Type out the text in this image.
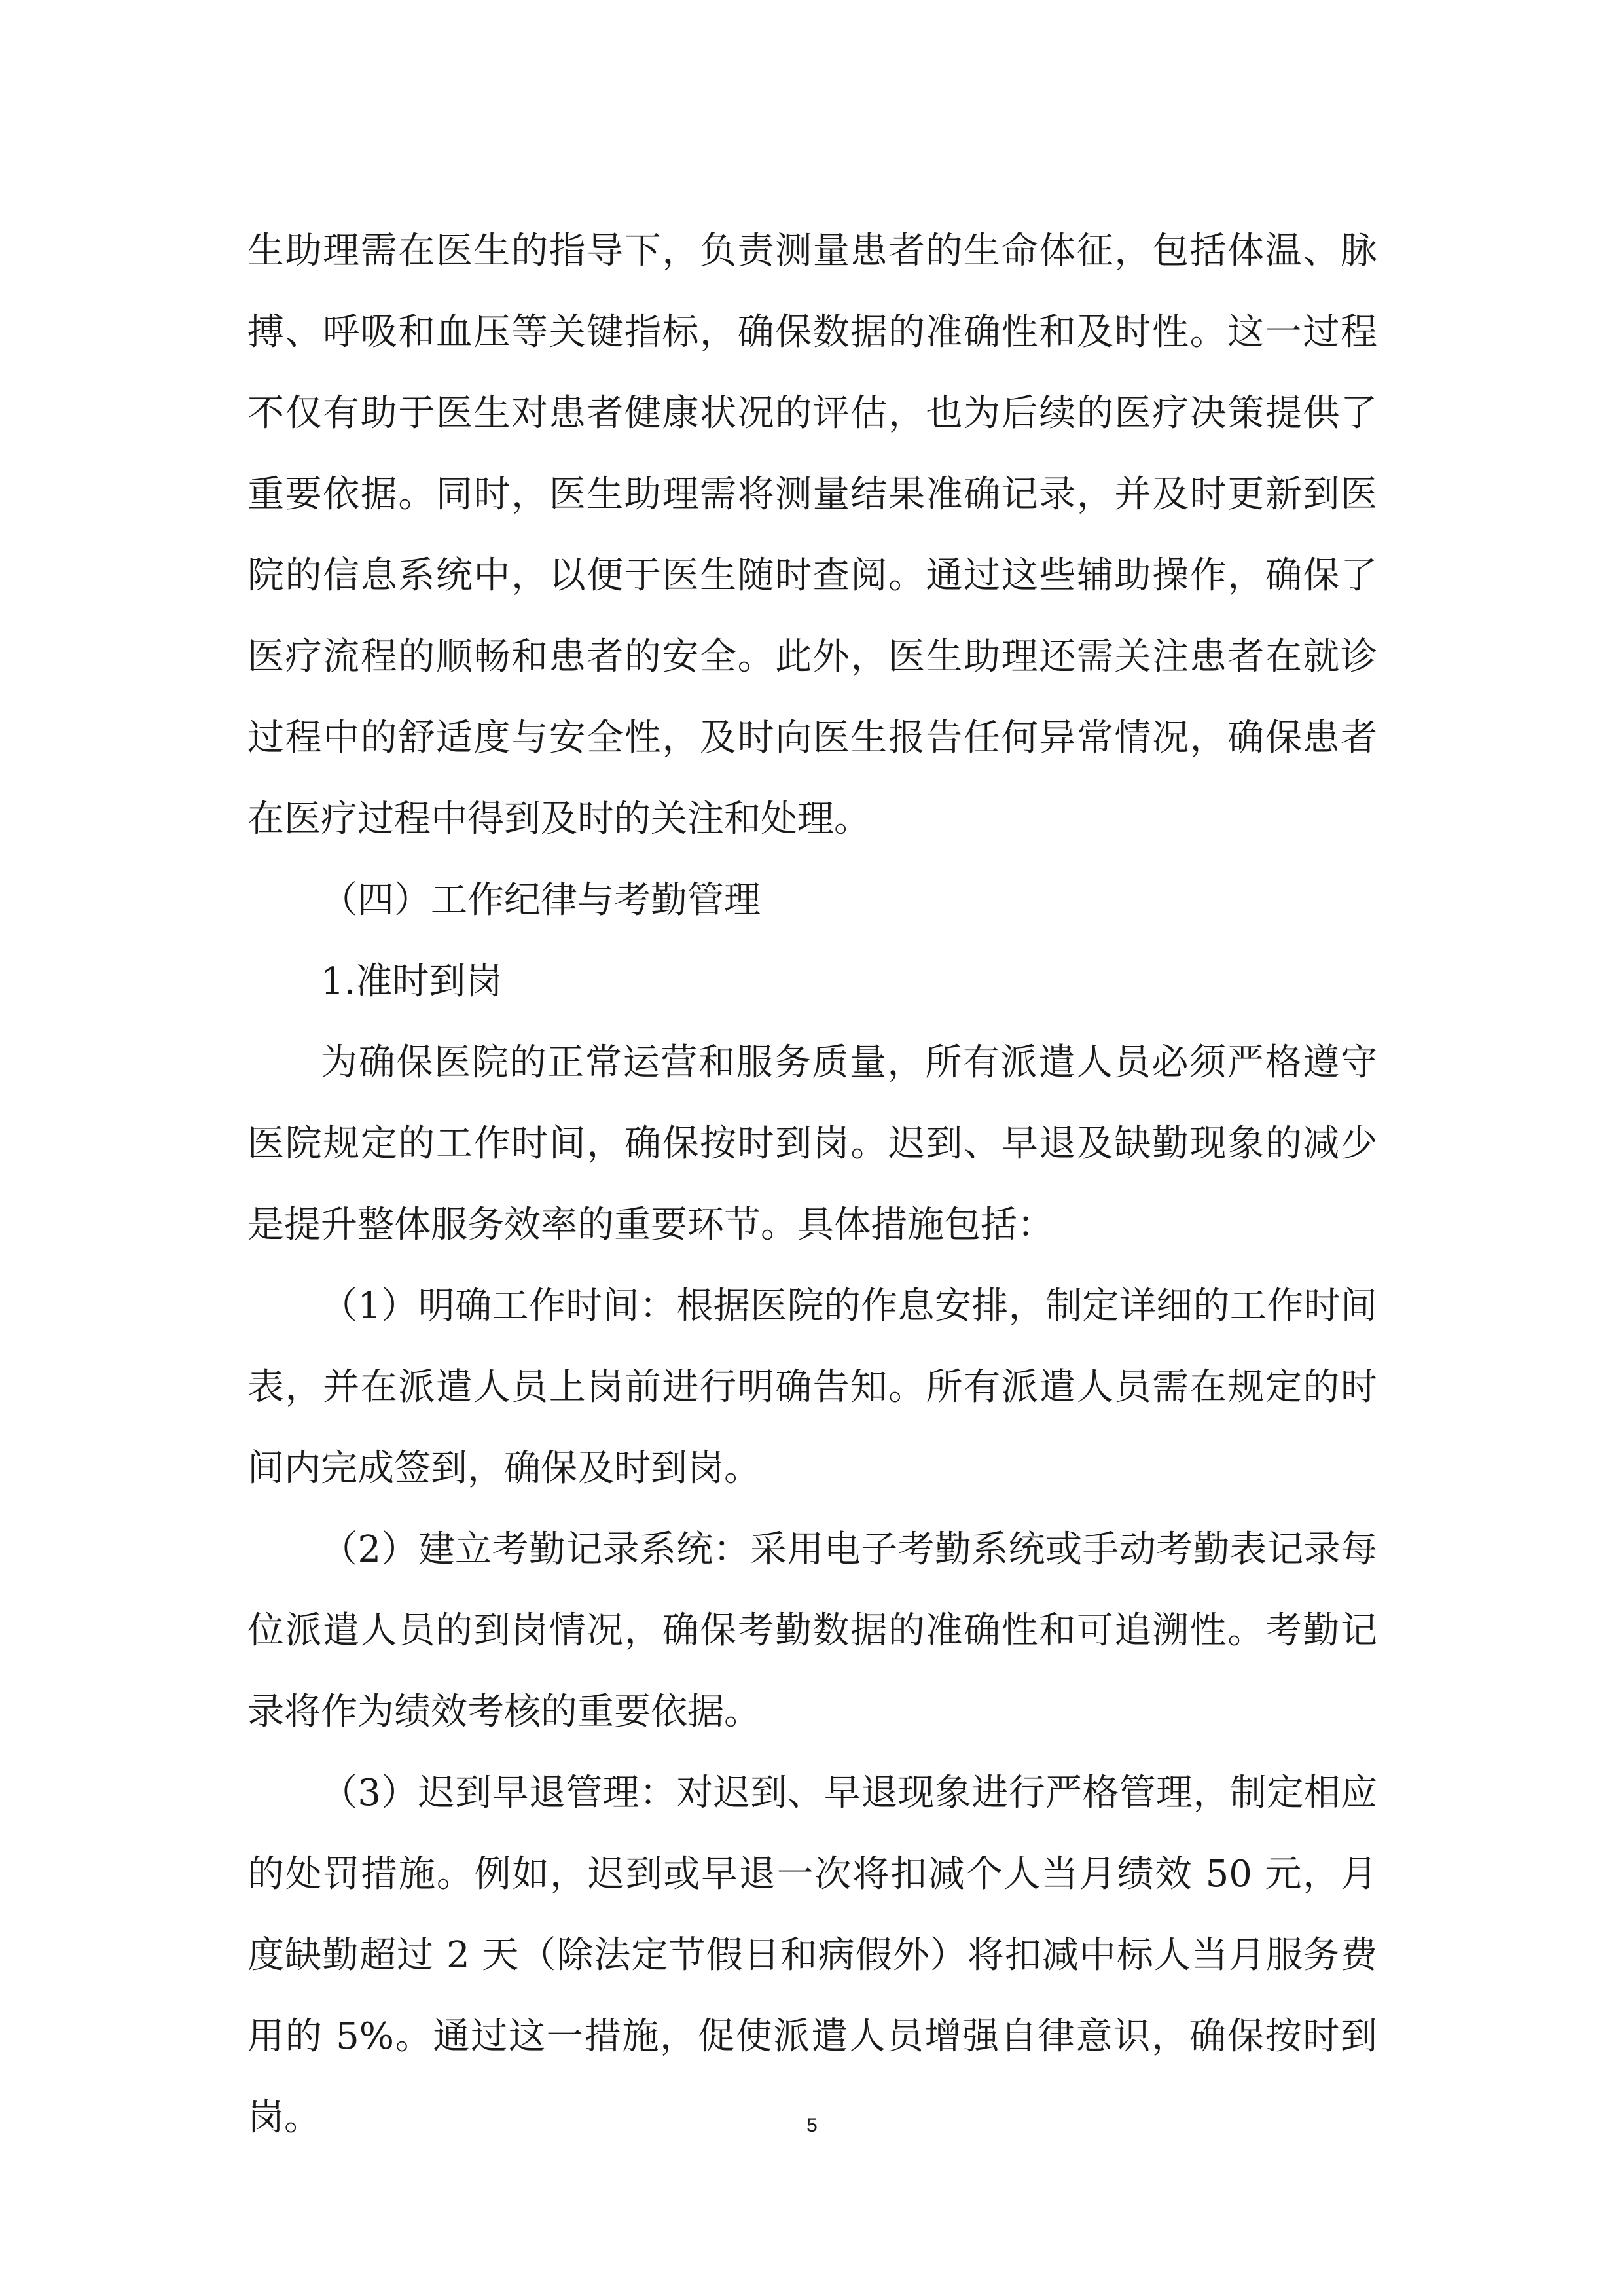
生助理需在医生的指导下，负责测量患者的生命体征，包括体温、脉搏、呼吸和血压等关键指标，确保数据的准确性和及时性。这一过程不仅有助于医生对患者健康状况的评估，也为后续的医疗决策提供了重要依据。同时，医生助理需将测量结果准确记录，并及时更新到医院的信息系统中，以便于医生随时查阅。通过这些辅助操作，确保了医疗流程的顺畅和患者的安全。此外，医生助理还需关注患者在就诊过程中的舒适度与安全性，及时向医生报告任何异常情况，确保患者在医疗过程中得到及时的关注和处理。

（四）工作纪律与考勤管理

1.准时到岗

为确保医院的正常运营和服务质量，所有派遣人员必须严格遵守医院规定的工作时间，确保按时到岗。迟到、早退及缺勤现象的减少是提升整体服务效率的重要环节。具体措施包括：

（1）明确工作时间：根据医院的作息安排，制定详细的工作时间表，并在派遣人员上岗前进行明确告知。所有派遣人员需在规定的时间内完成签到，确保及时到岗。

（2）建立考勤记录系统：采用电子考勤系统或手动考勤表记录每位派遣人员的到岗情况，确保考勤数据的准确性和可追溯性。考勤记录将作为绩效考核的重要依据。

（3）迟到早退管理：对迟到、早退现象进行严格管理，制定相应的处罚措施。例如，迟到或早退一次将扣减个人当月绩效 50 元，月度缺勤超过 2 天（除法定节假日和病假外）将扣减中标人当月服务费用的 5%。通过这一措施，促使派遣人员增强自律意识，确保按时到岗。	5
